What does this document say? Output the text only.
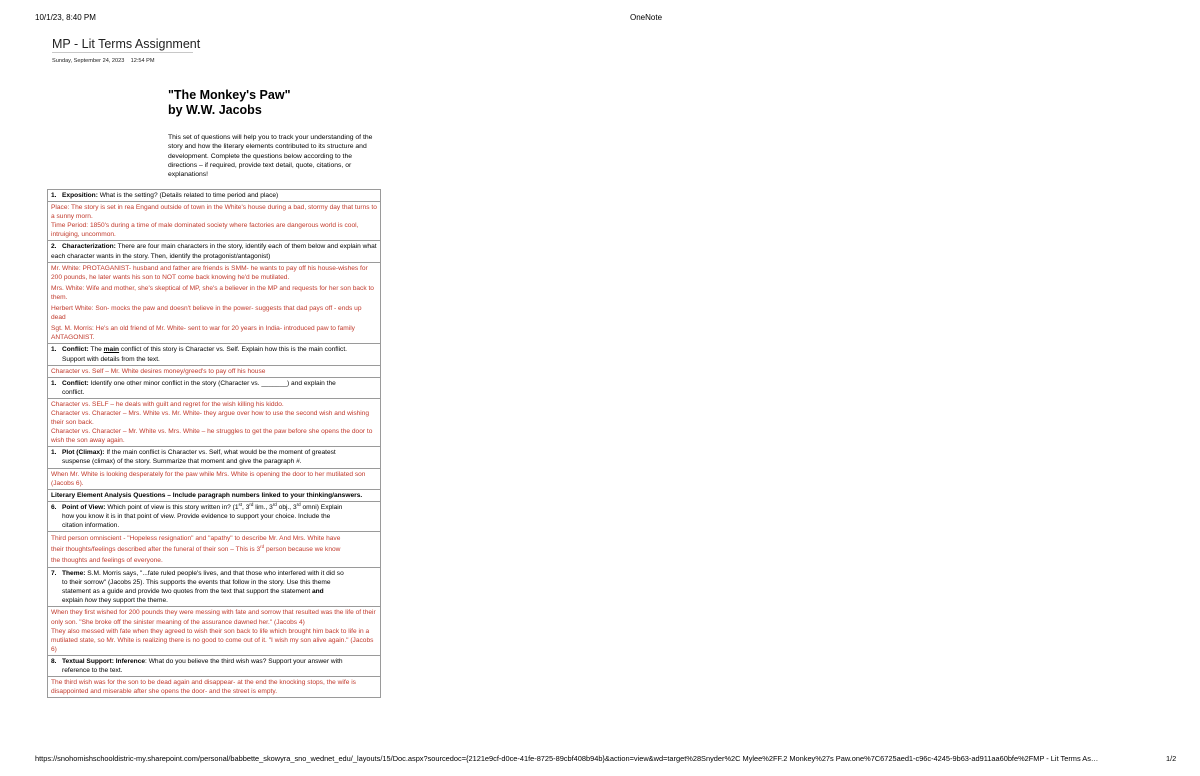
10/1/23, 8:40 PM	OneNote
MP - Lit Terms Assignment
Sunday, September 24, 2023 12:54 PM
"The Monkey's Paw"
by W.W. Jacobs
This set of questions will help you to track your understanding of the story and how the literary elements contributed to its structure and development. Complete the questions below according to the directions – if required, provide text detail, quote, citations, or explanations!
1. Exposition: What is the setting? (Details related to time period and place)

Place: The story is set in rea Engand outside of town in the White's house during a bad, stormy day that turns to a sunny morn.
Time Period: 1850's during a time of male dominated society where factories are dangerous world is cool, intruiging, uncommon.

2. Characterization: There are four main characters in the story, identify each of them below and explain what each character wants in the story. Then, identify the protagonist/antagonist)

Mr. White: PROTAGANIST- husband and father are friends is SMM- he wants to pay off his house-wishes for 200 pounds, he later wants his son to NOT come back knowing he'd be mutilated.
Mrs. White: Wife and mother, she's skeptical of MP, she's a believer in the MP and requests for her son back to them.
Herbert White: Son- mocks the paw and doesn't believe in the power- suggests that dad pays off - ends up dead
Sgt. M. Morris: He's an old friend of Mr. White- sent to war for 20 years in India- introduced paw to family ANTAGONIST.

1. Conflict: The main conflict of this story is Character vs. Self. Explain how this is the main conflict.
Support with details from the text.

Character vs. Self – Mr. White desires money/greed's to pay off his house

1. Conflict: Identify one other minor conflict in the story (Character vs. _______) and explain the
conflict.

Character vs. SELF – he deals with guilt and regret for the wish killing his kiddo.
Character vs. Character – Mrs. White vs. Mr. White- they argue over how to use the second wish and wishing their son back.
Character vs. Character – Mr. White vs. Mrs. White – he struggles to get the paw before she opens the door to wish the son away again.

1. Plot (Climax): If the main conflict is Character vs. Self, what would be the moment of greatest
suspense (climax) of the story. Summarize that moment and give the paragraph #.

When Mr. White is looking desperately for the paw while Mrs. White is opening the door to her mutilated son (Jacobs 6).

Literary Element Analysis Questions – Include paragraph numbers linked to your thinking/answers.
6. Point of View: Which point of view is this story written in? (1st, 3rd lim., 3rd obj., 3rd omni) Explain
how you know it is in that point of view. Provide evidence to support your choice. Include the
citation information.

Third person omniscient - "Hopeless resignation" and "apathy" to describe Mr. And Mrs. White have
their thoughts/feelings described after the funeral of their son – This is 3rd person because we know
the thoughts and feelings of everyone.

7. Theme: S.M. Morris says, "...fate ruled people's lives, and that those who interfered with it did so
to their sorrow" (Jacobs 25). This supports the events that follow in the story. Use this theme
statement as a guide and provide two quotes from the text that support the statement and
explain how they support the theme.

When they first wished for 200 pounds they were messing with fate and sorrow that resulted was the life of their only son. "She broke off the sinister meaning of the assurance dawned her." (Jacobs 4)
They also messed with fate when they agreed to wish their son back to life which brought him back to life in a mutilated state, so Mr. White is realizing there is no good to come out of it. "I wish my son alive again." (Jacobs 6)

8. Textual Support: Inference: What do you believe the third wish was? Support your answer with
reference to the text.

The third wish was for the son to be dead again and disappear- at the end the knocking stops, the wife is disappointed and miserable after she opens the door- and the street is empty.
https://snohomishschooldistric-my.sharepoint.com/personal/babbette_skowyra_sno_wednet_edu/_layouts/15/Doc.aspx?sourcedoc={2121e9cf-d0ce-41fe-8725-89cbf408b94b}&action=view&wd=target%28Snyder%2C Mylee%2FF.2 Monkey%27s Paw.one%7C6725aed1-c96c-4245-9b63-ad911aa60bfe%2FMP - Lit Terms As…	1/2
